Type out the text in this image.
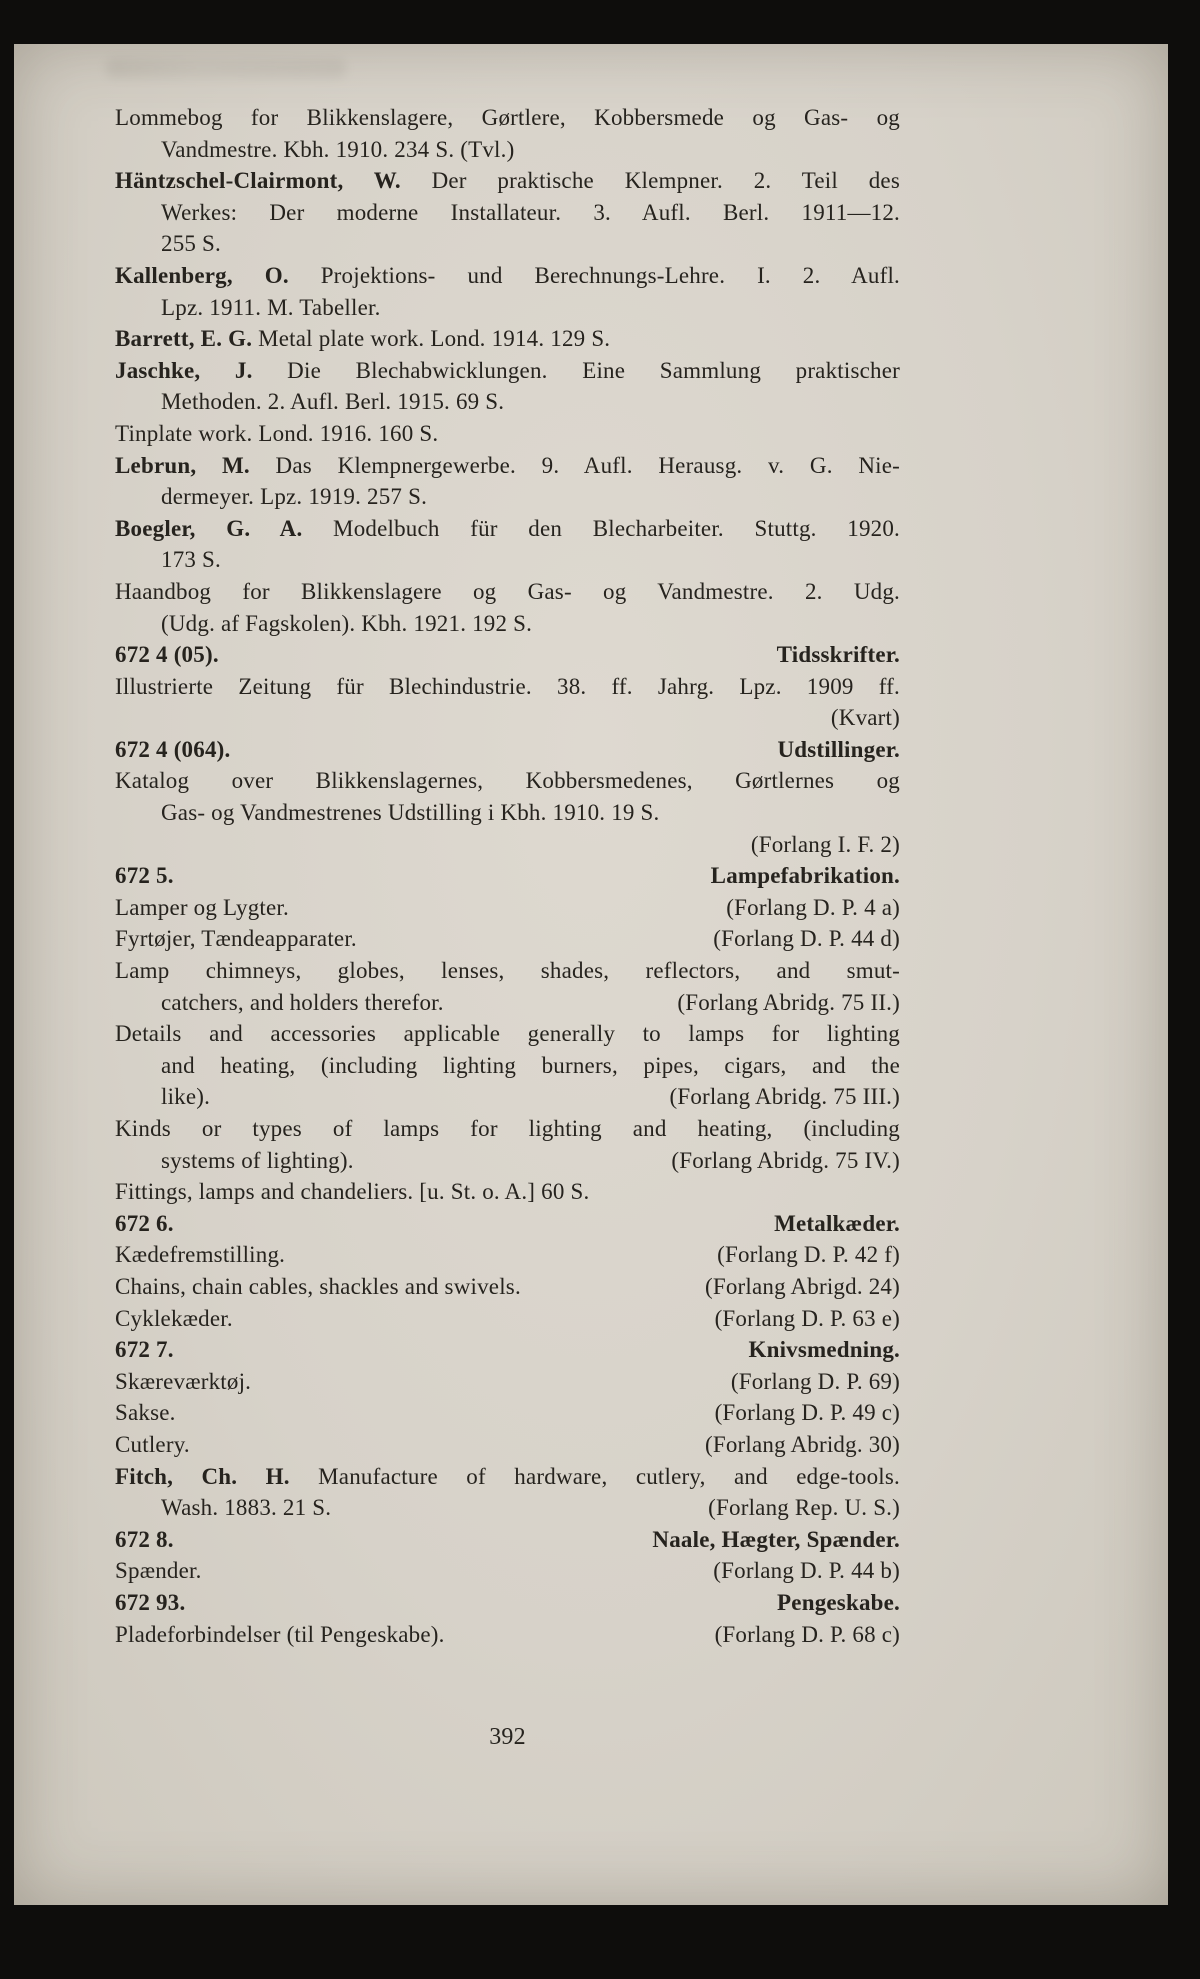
Lommebog for Blikkenslagere, Gørtlere, Kobbersmede og Gas- og
Vandmestre. Kbh. 1910. 234 S. (Tvl.)
Häntzschel-Clairmont, W. Der praktische Klempner. 2. Teil des
Werkes: Der moderne Installateur. 3. Aufl. Berl. 1911—12.
255 S.
Kallenberg, O. Projektions- und Berechnungs-Lehre. I. 2. Aufl.
Lpz. 1911. M. Tabeller.
Barrett, E. G. Metal plate work. Lond. 1914. 129 S.
Jaschke, J. Die Blechabwicklungen. Eine Sammlung praktischer
Methoden. 2. Aufl. Berl. 1915. 69 S.
Tinplate work. Lond. 1916. 160 S.
Lebrun, M. Das Klempnergewerbe. 9. Aufl. Herausg. v. G. Nie-
dermeyer. Lpz. 1919. 257 S.
Boegler, G. A. Modelbuch für den Blecharbeiter. Stuttg. 1920.
173 S.
Haandbog for Blikkenslagere og Gas- og Vandmestre. 2. Udg.
(Udg. af Fagskolen). Kbh. 1921. 192 S.
672 4 (05).	Tidsskrifter.
Illustrierte Zeitung für Blechindustrie. 38. ff. Jahrg. Lpz. 1909 ff.
(Kvart)
672 4 (064).	Udstillinger.
Katalog over Blikkenslagernes, Kobbersmedenes, Gørtlernes og
Gas- og Vandmestrenes Udstilling i Kbh. 1910. 19 S.
(Forlang I. F. 2)
672 5.	Lampefabrikation.
Lamper og Lygter.	(Forlang D. P. 4 a)
Fyrtøjer, Tændeapparater.	(Forlang D. P. 44 d)
Lamp chimneys, globes, lenses, shades, reflectors, and smut-
catchers, and holders therefor.	(Forlang Abridg. 75 II.)
Details and accessories applicable generally to lamps for lighting
and heating, (including lighting burners, pipes, cigars, and the
like).	(Forlang Abridg. 75 III.)
Kinds or types of lamps for lighting and heating, (including
systems of lighting).	(Forlang Abridg. 75 IV.)
Fittings, lamps and chandeliers. [u. St. o. A.] 60 S.
672 6.	Metalkæder.
Kædefremstilling.	(Forlang D. P. 42 f)
Chains, chain cables, shackles and swivels.	(Forlang Abrigd. 24)
Cyklekæder.	(Forlang D. P. 63 e)
672 7.	Knivsmedning.
Skæreværktøj.	(Forlang D. P. 69)
Sakse.	(Forlang D. P. 49 c)
Cutlery.	(Forlang Abridg. 30)
Fitch, Ch. H. Manufacture of hardware, cutlery, and edge-tools.
Wash. 1883. 21 S.	(Forlang Rep. U. S.)
672 8.	Naale, Hægter, Spænder.
Spænder.	(Forlang D. P. 44 b)
672 93.	Pengeskabe.
Pladeforbindelser (til Pengeskabe).	(Forlang D. P. 68 c)
392
